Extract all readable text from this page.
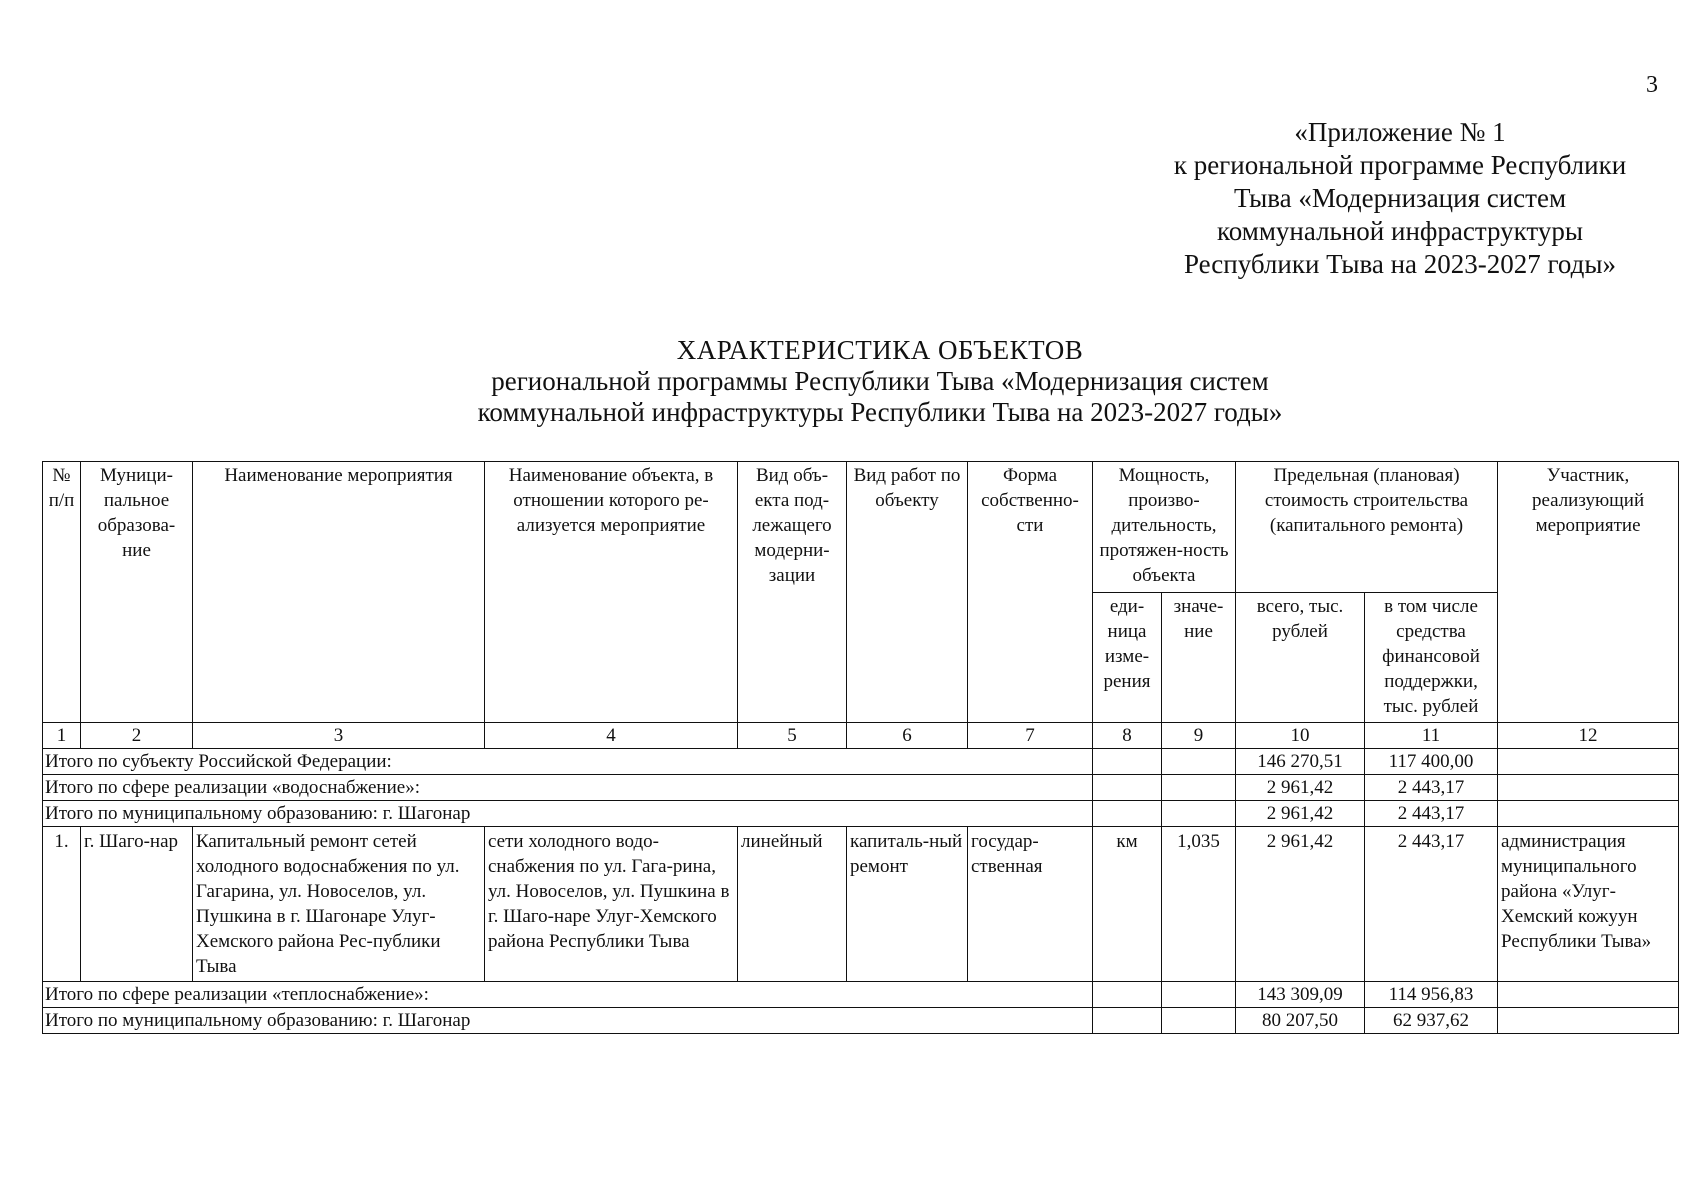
3
«Приложение № 1
к региональной программе Республики
Тыва «Модернизация систем
коммунальной инфраструктуры
Республики Тыва на 2023-2027 годы»
ХАРАКТЕРИСТИКА ОБЪЕКТОВ
региональной программы Республики Тыва «Модернизация систем
коммунальной инфраструктуры Республики Тыва на 2023-2027 годы»
№ п/п	Муници-пальное образова-ние	Наименование мероприятия	Наименование объекта, в отношении которого ре-ализуется мероприятие	Вид объ-екта под-лежащего модерни-зации	Вид работ по объекту	Форма собственно-сти	Мощность, произво-дительность, протяжен-ность объекта		Предельная (плановая) стоимость строительства (капитального ремонта)		Участник, реализующий мероприятие
							еди-ница изме-рения	значе-ние	всего, тыс. рублей	в том числе средства финансовой поддержки, тыс. рублей	
1	2	3	4	5	6	7	8	9	10	11	12
Итого по субъекту Российской Федерации:									146 270,51	117 400,00	
Итого по сфере реализации «водоснабжение»:									2 961,42	2 443,17	
Итого по муниципальному образованию: г. Шагонар									2 961,42	2 443,17	
1.	г. Шаго-нар	Капитальный ремонт сетей холодного водоснабжения по ул. Гагарина, ул. Новоселов, ул. Пушкина в г. Шагонаре Улуг-Хемского района Рес-публики Тыва	сети холодного водо-снабжения по ул. Гага-рина, ул. Новоселов, ул. Пушкина в г. Шаго-наре Улуг-Хемского района Республики Тыва	линейный	капиталь-ный ремонт	государ-ственная	км	1,035	2 961,42	2 443,17	администрация муниципального района «Улуг-Хемский кожуун Республики Тыва»
Итого по сфере реализации «теплоснабжение»:									143 309,09	114 956,83	
Итого по муниципальному образованию: г. Шагонар									80 207,50	62 937,62	
